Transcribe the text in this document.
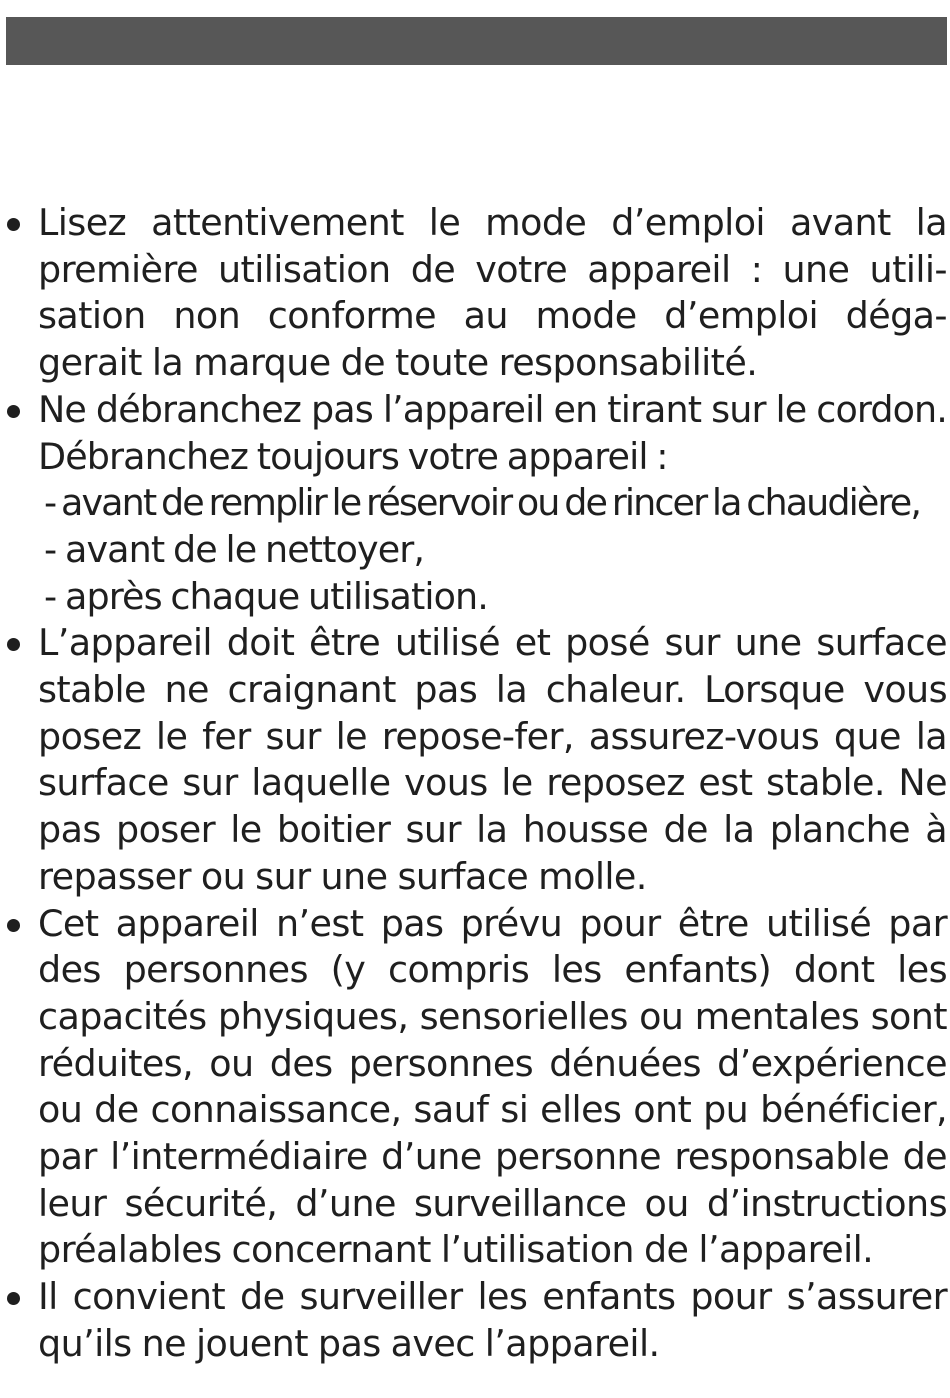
Lisez attentivement le mode d’emploi avant la première utilisation de votre appareil : une utili- sation non conforme au mode d’emploi déga- gerait la marque de toute responsabilité.

Ne débranchez pas l’appareil en tirant sur le cordon. Débranchez toujours votre appareil :

- avant de remplir le réservoir ou de rincer la chaudière,

- avant de le nettoyer,

- après chaque utilisation.

L’appareil doit être utilisé et posé sur une surface stable ne craignant pas la chaleur. Lorsque vous posez le fer sur le repose-fer, assurez-vous que la surface sur laquelle vous le reposez est stable. Ne pas poser le boitier sur la housse de la planche à repasser ou sur une surface molle.

Cet appareil n’est pas prévu pour être utilisé par des personnes (y compris les enfants) dont les capacités physiques, sensorielles ou mentales sont réduites, ou des personnes dénuées d’expérience ou de connaissance, sauf si elles ont pu bénéficier, par l’intermédiaire d’une personne responsable de leur sécurité, d’une surveillance ou d’instructions préalables concernant l’utilisation de l’appareil.

Il convient de surveiller les enfants pour s’assurer qu’ils ne jouent pas avec l’appareil.
